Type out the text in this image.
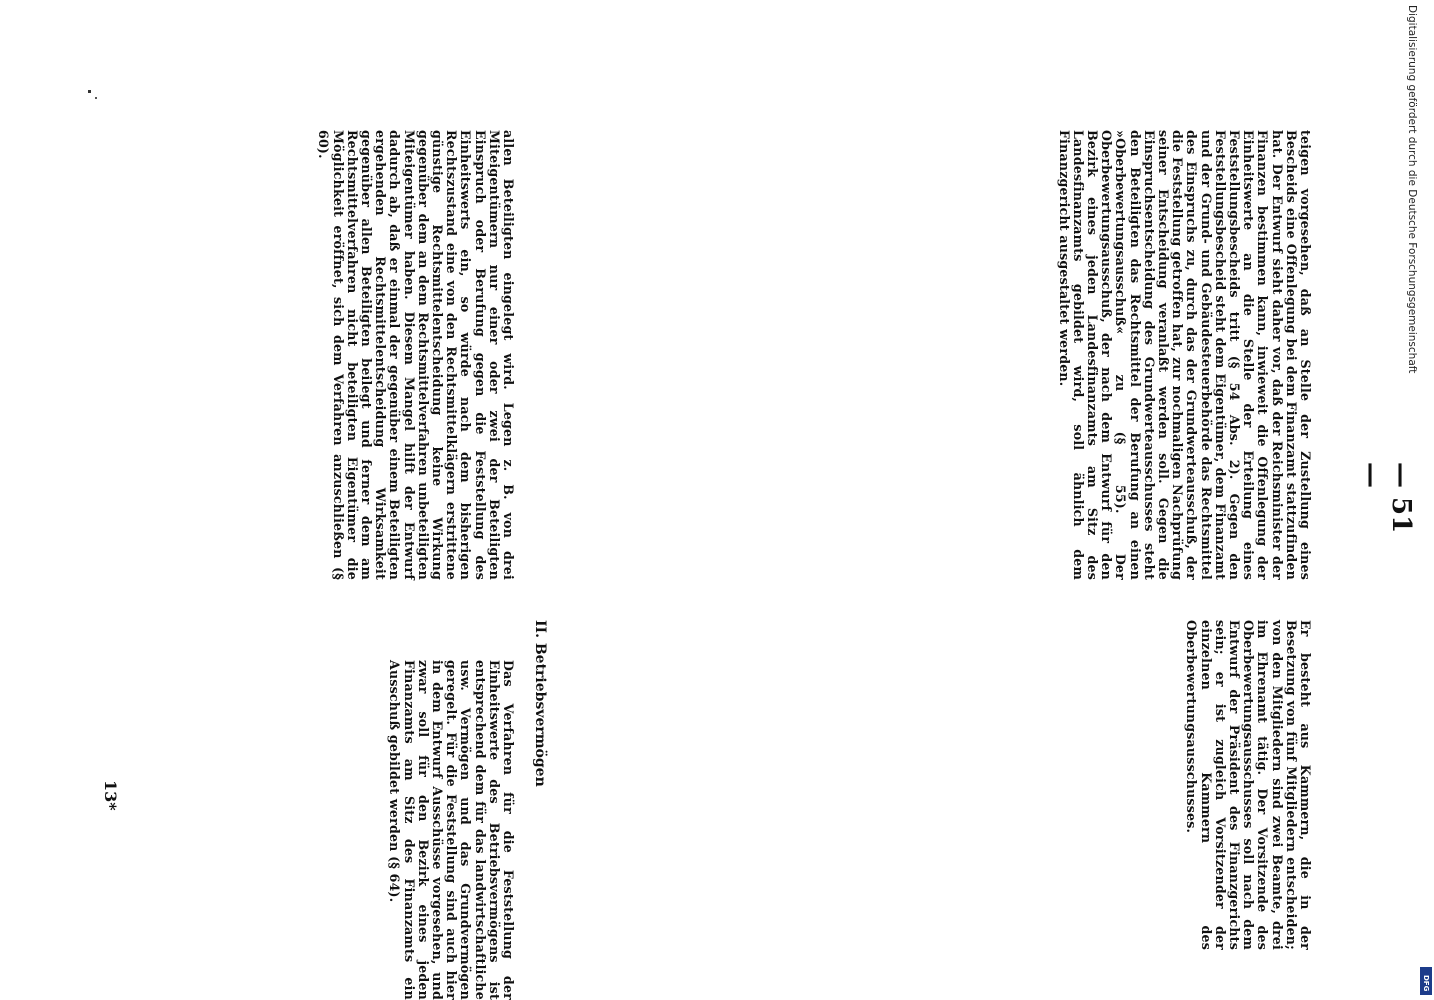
— 51 —

teigen vorgesehen, daß an Stelle der Zustellung eines Bescheids eine Offenlegung bei dem Finanzamt stattzufinden hat. Der Entwurf sieht daher vor, daß der Reichsminister der Finanzen bestimmen kann, inwieweit die Offenlegung der Einheitswerte an die Stelle der Erteilung eines Feststellungsbescheids tritt (§ 54 Abs. 2). Gegen den Feststellungsbescheid steht dem Eigentümer, dem Finanzamt und der Grund- und Gebäudesteuerbehörde das Rechtsmittel des Einspruchs zu, durch das der Grundwerteausschuß, der die Feststellung getroffen hat, zur nochmaligen Nachprüfung seiner Entscheidung veranlaßt werden soll. Gegen die Einspruchsentscheidung des Grundwerteausschusses steht den Beteiligten das Rechtsmittel der Berufung an einen »Oberbewertungsausschuß« zu (§ 55). Der Oberbewertungsausschuß, der nach dem Entwurf für den Bezirk eines jeden Landesfinanzamts am Sitz des Landesfinanzamts gebildet wird, soll ähnlich dem Finanzgericht ausgestaltet werden.

Er besteht aus Kammern, die in der Besetzung von fünf Mitgliedern entscheiden; von den Mitgliedern sind zwei Beamte, drei im Ehrenamt tätig. Der Vorsitzende des Oberbewertungsausschusses soll nach dem Entwurf der Präsident des Finanzgerichts sein; er ist zugleich Vorsitzender der einzelnen Kammern des Oberbewertungsausschusses.

allen Beteiligten eingelegt wird. Legen z. B. von drei Miteigentümern nur einer oder zwei der Beteiligten Einspruch oder Berufung gegen die Feststellung des Einheitswerts ein, so würde nach dem bisherigen Rechtszustand eine von den Rechtsmittelklägern erstrittene günstige Rechtsmittelentscheidung keine Wirkung gegenüber dem an dem Rechtsmittelverfahren unbeteiligten Miteigentümer haben. Diesem Mangel hilft der Entwurf dadurch ab, daß er einmal der gegenüber einem Beteiligten ergehenden Rechtsmittelentscheidung Wirksamkeit gegenüber allen Beteiligten beilegt und ferner dem am Rechtsmittelverfahren nicht beteiligten Eigentümer die Möglichkeit eröffnet, sich dem Verfahren anzuschließen (§ 60).

II. Betriebsvermögen

Das Verfahren für die Feststellung der Einheitswerte des Betriebsvermögens ist entsprechend dem für das landwirtschaftliche usw. Vermögen und das Grundvermögen geregelt. Für die Feststellung sind auch hier in dem Entwurf Ausschüsse vorgesehen, und zwar soll für den Bezirk eines jeden Finanzamts am Sitz des Finanzamts ein Ausschuß gebildet werden (§ 64).

13*
Digitalisierung gefördert durch die Deutsche Forschungsgemeinschaft
DFG
